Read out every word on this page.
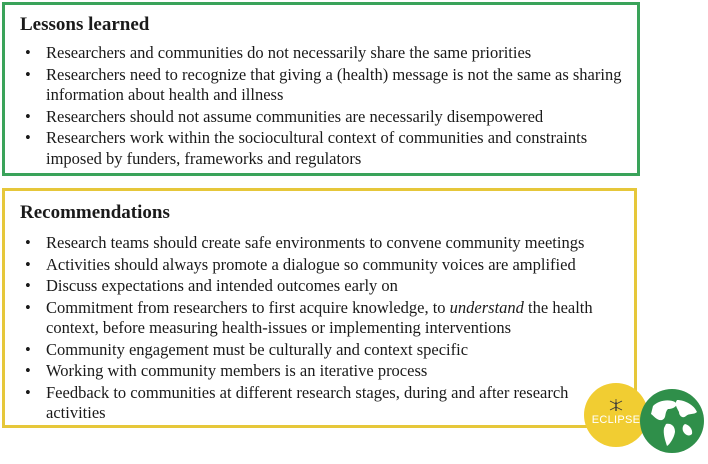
Lessons learned
• Researchers and communities do not necessarily share the same priorities
• Researchers need to recognize that giving a (health) message is not the same as sharing information about health and illness
• Researchers should not assume communities are necessarily disempowered
• Researchers work within the sociocultural context of communities and constraints imposed by funders, frameworks and regulators
Recommendations
• Research teams should create safe environments to convene community meetings
• Activities should always promote a dialogue so community voices are amplified
• Discuss expectations and intended outcomes early on
• Commitment from researchers to first acquire knowledge, to understand the health context, before measuring health-issues or implementing interventions
• Community engagement must be culturally and context specific
• Working with community members is an iterative process
• Feedback to communities at different research stages, during and after research activities	ECLIPSE
